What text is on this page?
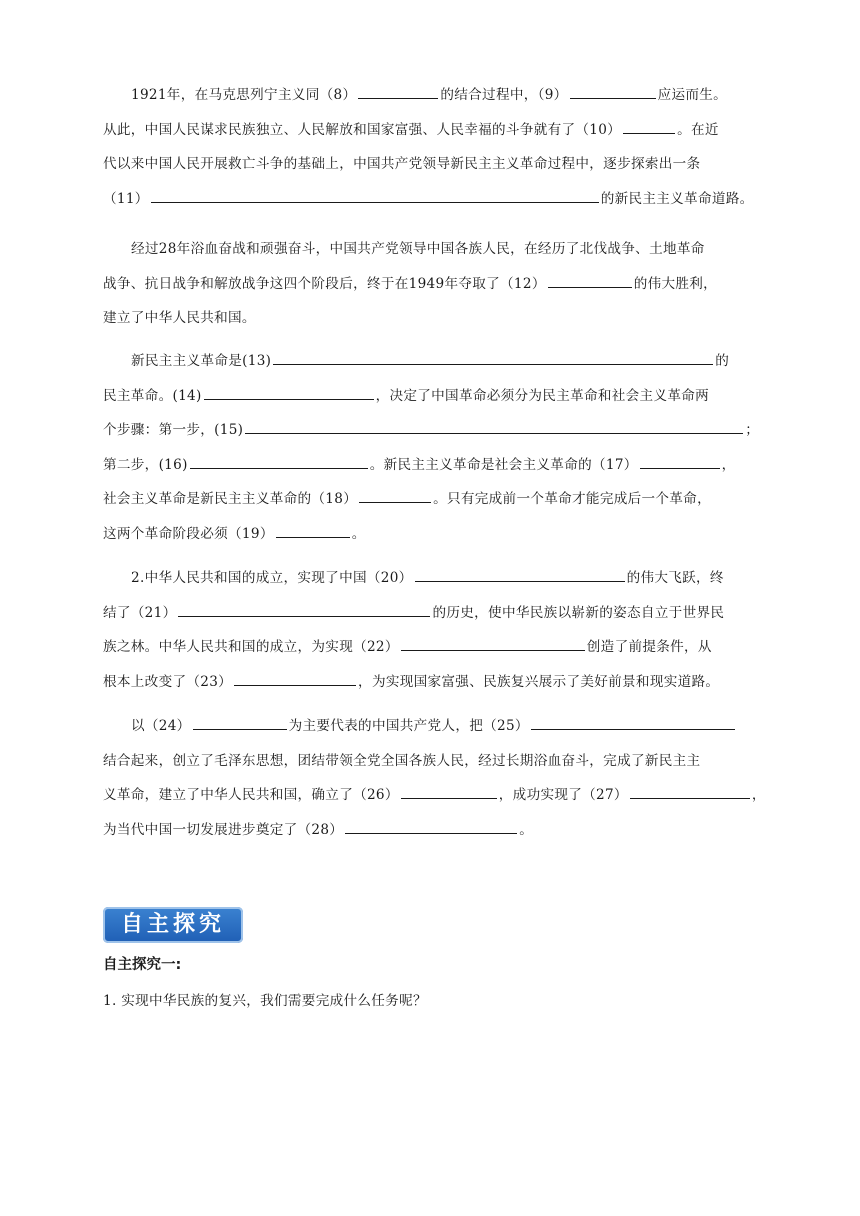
1921年，在马克思列宁主义同（8）	的结合过程中，（9）	应运而生。
从此，中国人民谋求民族独立、人民解放和国家富强、人民幸福的斗争就有了（10）	。在近
代以来中国人民开展救亡斗争的基础上，中国共产党领导新民主主义革命过程中，逐步探索出一条
（11）	的新民主主义革命道路。
经过28年浴血奋战和顽强奋斗，中国共产党领导中国各族人民，在经历了北伐战争、土地革命
战争、抗日战争和解放战争这四个阶段后，终于在1949年夺取了（12）	的伟大胜利，
建立了中华人民共和国。
新民主主义革命是(13)	的
民主革命。(14)	，决定了中国革命必须分为民主革命和社会主义革命两
个步骤：第一步，(15)	；
社会主义革命是新民主主义革命的（18）	。只有完成前一个革命才能完成后一个革命，
这两个革命阶段必须（19）	。
第二步，(16)	。新民主主义革命是社会主义革命的（17）	，
2.中华人民共和国的成立，实现了中国（20）	的伟大飞跃，终
结了（21）	的历史，使中华民族以崭新的姿态自立于世界民
族之林。中华人民共和国的成立，为实现（22）	创造了前提条件，从
根本上改变了（23）	，为实现国家富强、民族复兴展示了美好前景和现实道路。
以（24）	为主要代表的中国共产党人，把（25）
结合起来，创立了毛泽东思想，团结带领全党全国各族人民，经过长期浴血奋斗，完成了新民主主
义革命，建立了中华人民共和国，确立了（26）	，成功实现了（27）	，
为当代中国一切发展进步奠定了（28）	。
自主探究
自主探究一:
1. 实现中华民族的复兴，我们需要完成什么任务呢？
